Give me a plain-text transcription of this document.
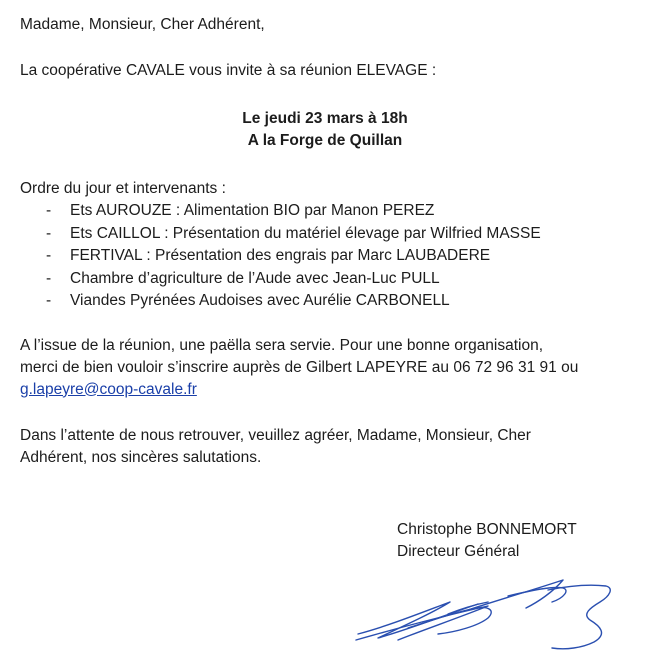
Madame, Monsieur, Cher Adhérent,
La coopérative CAVALE vous invite à sa réunion ELEVAGE :
Le jeudi 23 mars à 18h
A la Forge de Quillan
Ordre du jour et intervenants :
- Ets AUROUZE : Alimentation BIO par Manon PEREZ
- Ets CAILLOL : Présentation du matériel élevage par Wilfried MASSE
- FERTIVAL : Présentation des engrais par Marc LAUBADERE
- Chambre d’agriculture de l’Aude avec Jean-Luc PULL
- Viandes Pyrénées Audoises avec Aurélie CARBONELL
A l’issue de la réunion, une paëlla sera servie. Pour une bonne organisation,
merci de bien vouloir s’inscrire auprès de Gilbert LAPEYRE au 06 72 96 31 91 ou
g.lapeyre@coop-cavale.fr
Dans l’attente de nous retrouver, veuillez agréer, Madame, Monsieur, Cher
Adhérent, nos sincères salutations.
Christophe BONNEMORT
Directeur Général
